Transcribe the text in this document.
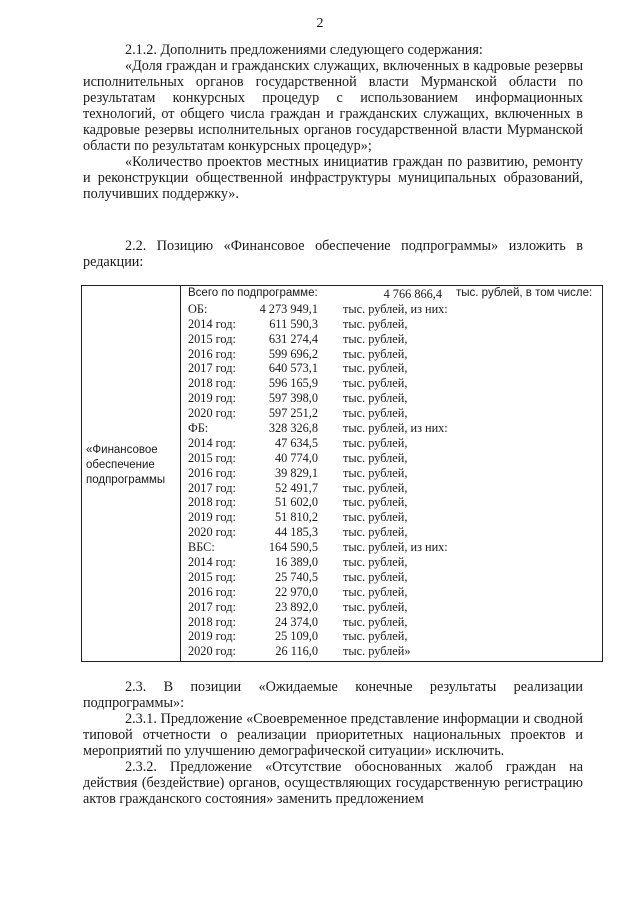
2

2.1.2. Дополнить предложениями следующего содержания:

«Доля граждан и гражданских служащих, включенных в кадровые резервы исполнительных органов государственной власти Мурманской области по результатам конкурсных процедур с использованием информационных технологий, от общего числа граждан и гражданских служащих, включенных в кадровые резервы исполнительных органов государственной власти Мурманской области по результатам конкурсных процедур»;

«Количество проектов местных инициатив граждан по развитию, ремонту и реконструкции общественной инфраструктуры муниципальных образований, получивших поддержку».

2.2. Позицию «Финансовое обеспечение подпрограммы» изложить в редакции:

«Финансовое обеспечение подпрограммы
Всего по подпрограмме:	4 766 866,4 тыс. рублей, в том числе:
ОБ:	4 273 949,1 тыс. рублей, из них:
2014 год:	611 590,3 тыс. рублей,
2015 год:	631 274,4 тыс. рублей,
2016 год:	599 696,2 тыс. рублей,
2017 год:	640 573,1 тыс. рублей,
2018 год:	596 165,9 тыс. рублей,
2019 год:	597 398,0 тыс. рублей,
2020 год:	597 251,2 тыс. рублей,
ФБ:	328 326,8 тыс. рублей, из них:
2014 год:	47 634,5 тыс. рублей,
2015 год:	40 774,0 тыс. рублей,
2016 год:	39 829,1 тыс. рублей,
2017 год:	52 491,7 тыс. рублей,
2018 год:	51 602,0 тыс. рублей,
2019 год:	51 810,2 тыс. рублей,
2020 год:	44 185,3 тыс. рублей,
ВБС:	164 590,5 тыс. рублей, из них:
2014 год:	16 389,0 тыс. рублей,
2015 год:	25 740,5 тыс. рублей,
2016 год:	22 970,0 тыс. рублей,
2017 год:	23 892,0 тыс. рублей,
2018 год:	24 374,0 тыс. рублей,
2019 год:	25 109,0 тыс. рублей,
2020 год:	26 116,0 тыс. рублей»

2.3. В позиции «Ожидаемые конечные результаты реализации подпрограммы»:

2.3.1. Предложение «Своевременное представление информации и сводной типовой отчетности о реализации приоритетных национальных проектов и мероприятий по улучшению демографической ситуации» исключить.

2.3.2. Предложение «Отсутствие обоснованных жалоб граждан на действия (бездействие) органов, осуществляющих государственную регистрацию актов гражданского состояния» заменить предложением
